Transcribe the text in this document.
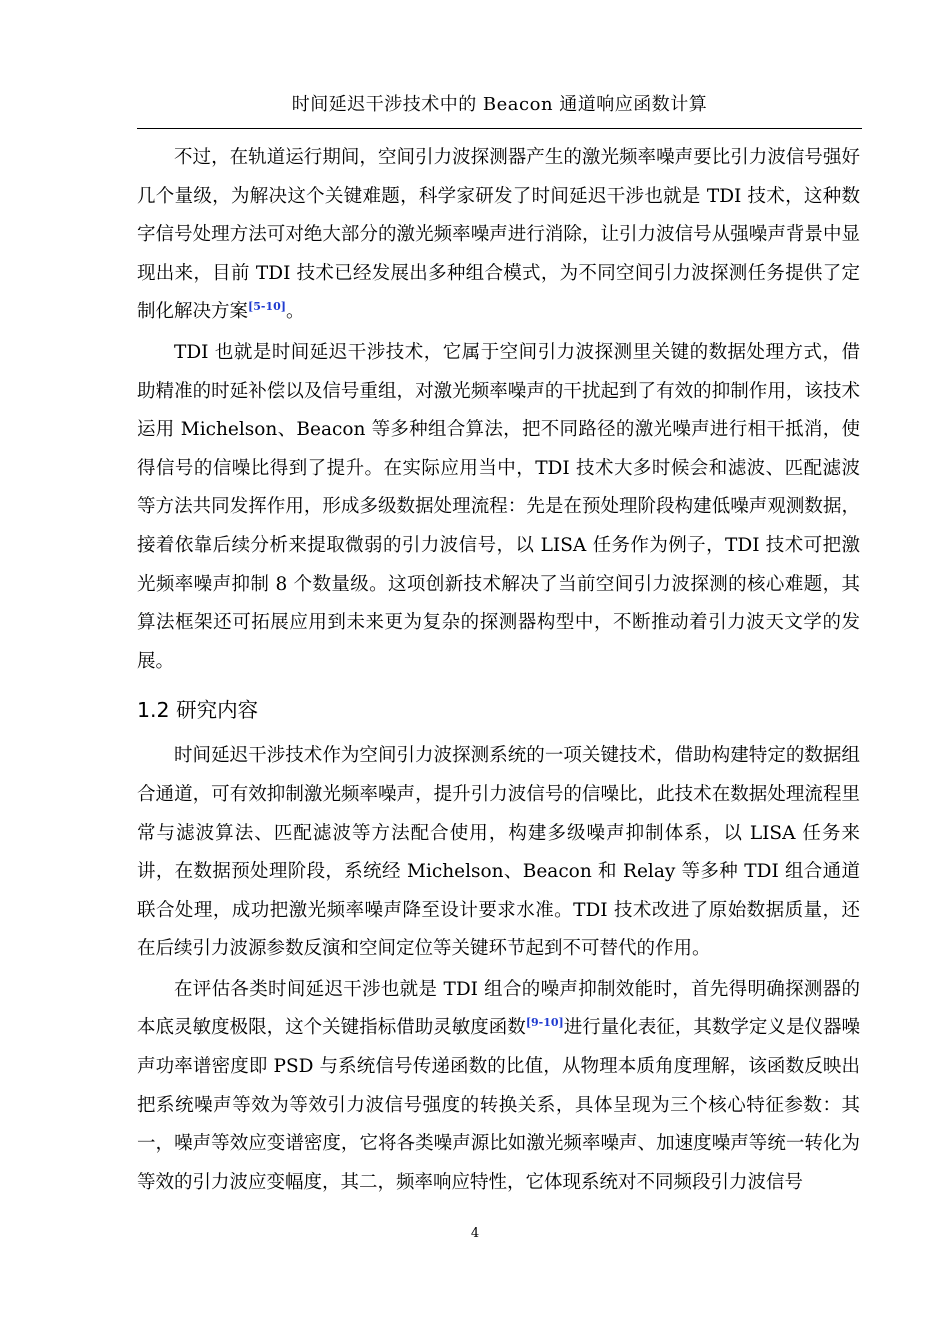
时间延迟干涉技术中的 Beacon 通道响应函数计算

不过，在轨道运行期间，空间引力波探测器产生的激光频率噪声要比引力波信号强好几个量级，为解决这个关键难题，科学家研发了时间延迟干涉也就是 TDI 技术，这种数字信号处理方法可对绝大部分的激光频率噪声进行消除，让引力波信号从强噪声背景中显现出来，目前 TDI 技术已经发展出多种组合模式，为不同空间引力波探测任务提供了定制化解决方案[5-10]。

TDI 也就是时间延迟干涉技术，它属于空间引力波探测里关键的数据处理方式，借助精准的时延补偿以及信号重组，对激光频率噪声的干扰起到了有效的抑制作用，该技术运用 Michelson、Beacon 等多种组合算法，把不同路径的激光噪声进行相干抵消，使得信号的信噪比得到了提升。在实际应用当中，TDI 技术大多时候会和滤波、匹配滤波等方法共同发挥作用，形成多级数据处理流程：先是在预处理阶段构建低噪声观测数据，接着依靠后续分析来提取微弱的引力波信号，以 LISA 任务作为例子，TDI 技术可把激光频率噪声抑制 8 个数量级。这项创新技术解决了当前空间引力波探测的核心难题，其算法框架还可拓展应用到未来更为复杂的探测器构型中，不断推动着引力波天文学的发展。

1.2 研究内容

时间延迟干涉技术作为空间引力波探测系统的一项关键技术，借助构建特定的数据组合通道，可有效抑制激光频率噪声，提升引力波信号的信噪比，此技术在数据处理流程里常与滤波算法、匹配滤波等方法配合使用，构建多级噪声抑制体系，以 LISA 任务来讲，在数据预处理阶段，系统经 Michelson、Beacon 和 Relay 等多种 TDI 组合通道联合处理，成功把激光频率噪声降至设计要求水准。TDI 技术改进了原始数据质量，还在后续引力波源参数反演和空间定位等关键环节起到不可替代的作用。

在评估各类时间延迟干涉也就是 TDI 组合的噪声抑制效能时，首先得明确探测器的本底灵敏度极限，这个关键指标借助灵敏度函数[9-10]进行量化表征，其数学定义是仪器噪声功率谱密度即 PSD 与系统信号传递函数的比值，从物理本质角度理解，该函数反映出把系统噪声等效为等效引力波信号强度的转换关系，具体呈现为三个核心特征参数：其一，噪声等效应变谱密度，它将各类噪声源比如激光频率噪声、加速度噪声等统一转化为等效的引力波应变幅度，其二，频率响应特性，它体现系统对不同频段引力波信号

4
